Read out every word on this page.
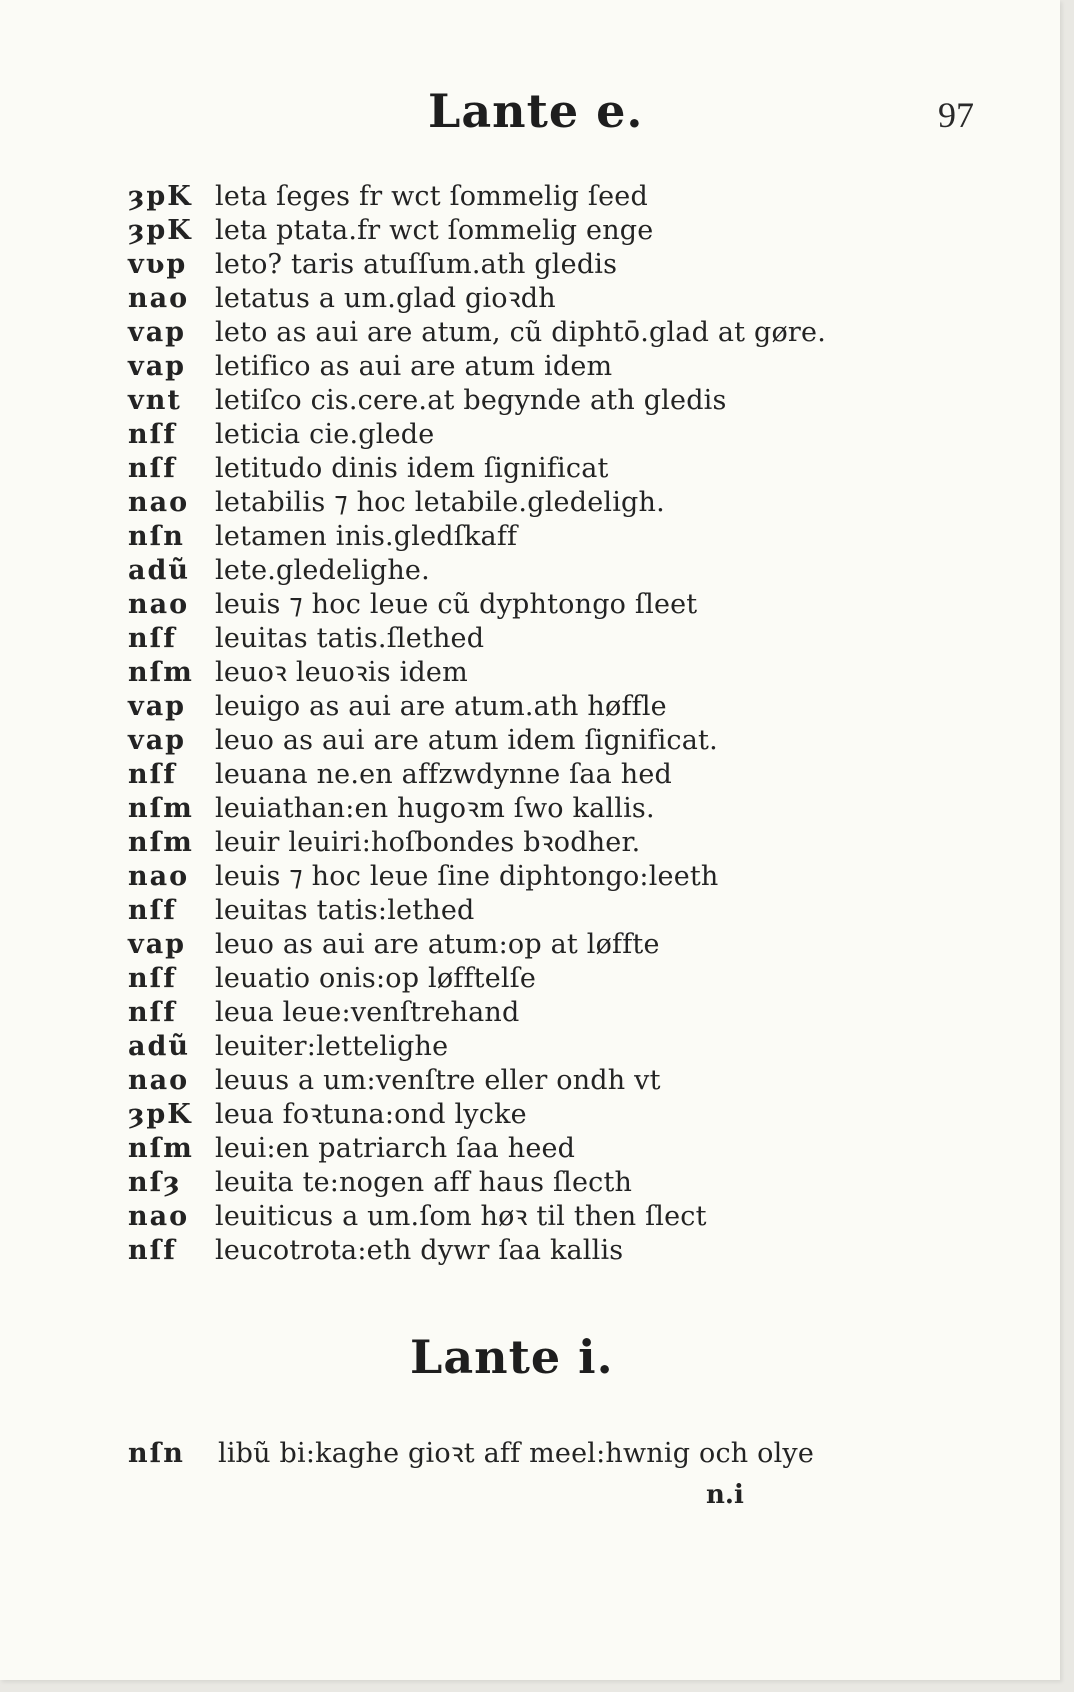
Lante e.	97
ȝpK leta ſeges fr wct ſommelig ſeed
ȝpK leta ptata.fr wct ſommelig enge
vʋp	leto? taris atuſſum.ath gledis
nao letatus a um.glad gioꝛdh
vap	leto as aui are atum, cũ diphtō.glad at gøre.
vap	letifico as aui are atum idem
vnt	letiſco cis.cere.at begynde ath gledis
nſf	leticia cie.glede
nſf	letitudo dinis idem ſignificat
nao letabilis ⁊ hoc letabile.gledeligh.
nſn	letamen inis.gledſkaff
adũ lete.gledelighe.
nao leuis ⁊ hoc leue cũ dyphtongo ſleet
nſf	leuitas tatis.ſlethed
nſm leuoꝛ leuoꝛis idem
vap	leuigo as aui are atum.ath høffle
vap	leuo as aui are atum idem ſignificat.
nſf	leuana ne.en affzwdynne ſaa hed
nſm leuiathan:en hugoꝛm ſwo kallis.
nſm leuir leuiri:hoſbondes bꝛodher.
nao leuis ⁊ hoc leue ſine diphtongo:leeth
nſf	leuitas tatis:lethed
vap	leuo as aui are atum:op at løffte
nſf	leuatio onis:op løfftelſe
nſf	leua leue:venſtrehand
adũ leuiter:lettelighe
nao leuus a um:venſtre eller ondh vt
ȝpK leua foꝛtuna:ond lycke
nſm leui:en patriarch ſaa heed
nſȝ	leuita te:nogen aff haus ſlecth
nao leuiticus a um.ſom høꝛ til then ſlect
nſf	leucotrota:eth dywr ſaa kallis
Lante i.
nſn	libũ bi:kaghe gioꝛt aff meel:hwnig och olye
n.i
